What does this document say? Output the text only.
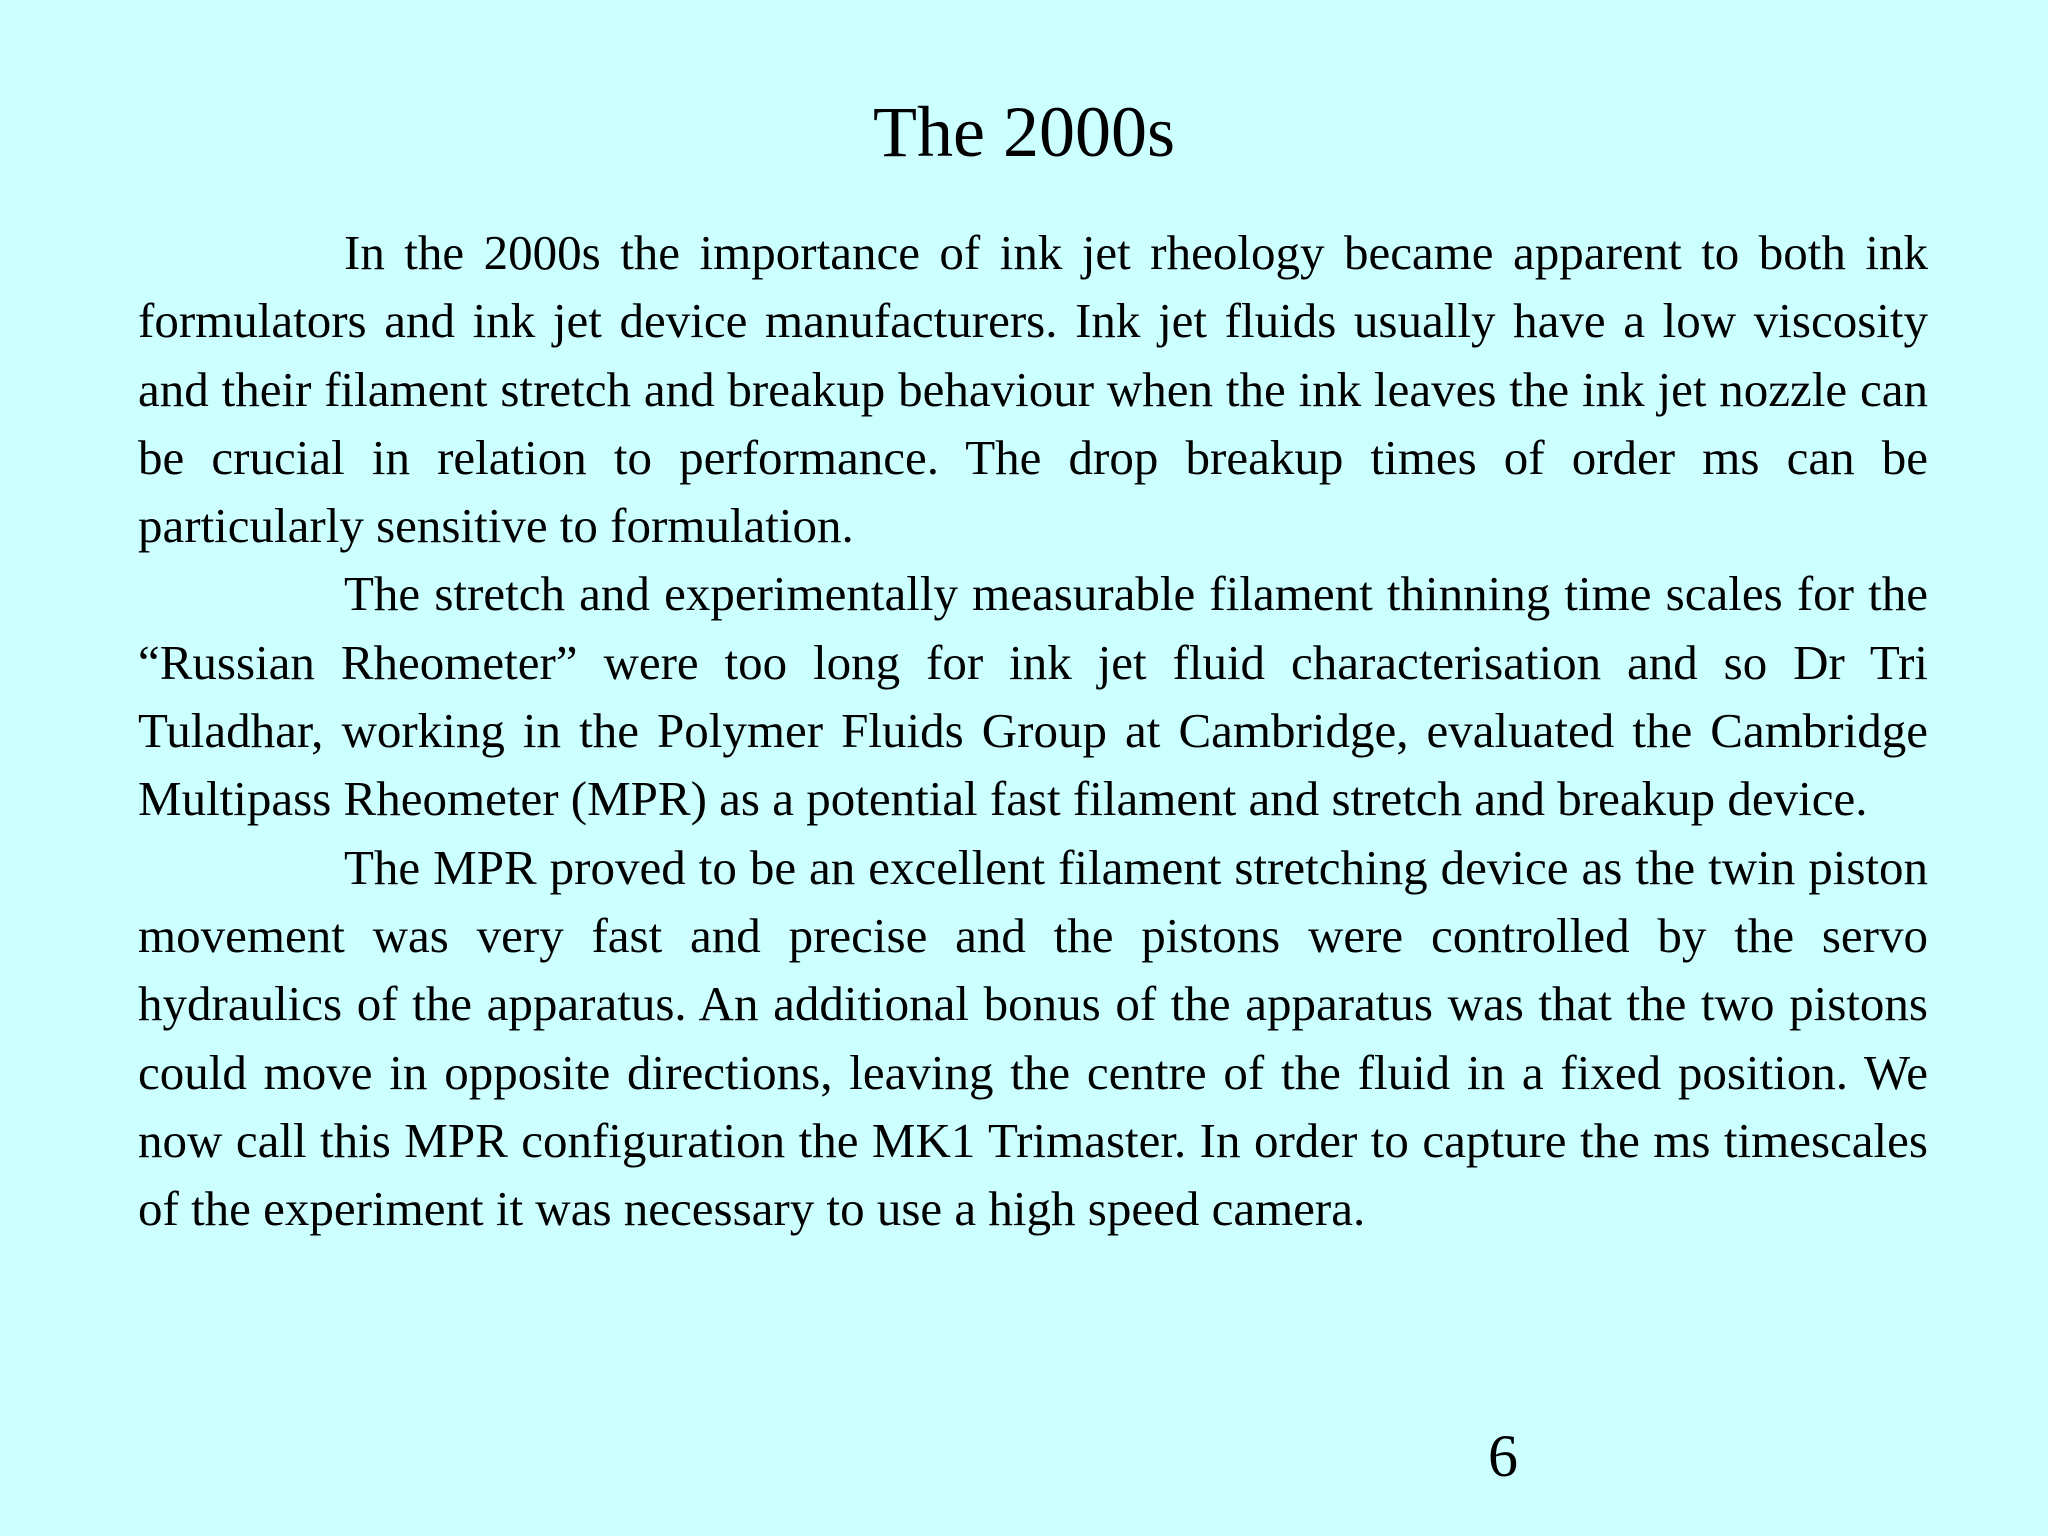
The 2000s

In the 2000s the importance of ink jet rheology became apparent to both ink formulators and ink jet device manufacturers. Ink jet fluids usually have a low viscosity and their filament stretch and breakup behaviour when the ink leaves the ink jet nozzle can be crucial in relation to performance. The drop breakup times of order ms can be particularly sensitive to formulation.

The stretch and experimentally measurable filament thinning time scales for the “Russian Rheometer” were too long for ink jet fluid characterisation and so Dr Tri Tuladhar, working in the Polymer Fluids Group at Cambridge, evaluated the Cambridge Multipass Rheometer (MPR) as a potential fast filament and stretch and breakup device.

The MPR proved to be an excellent filament stretching device as the twin piston movement was very fast and precise and the pistons were controlled by the servo hydraulics of the apparatus. An additional bonus of the apparatus was that the two pistons could move in opposite directions, leaving the centre of the fluid in a fixed position. We now call this MPR configuration the MK1 Trimaster. In order to capture the ms timescales of the experiment it was necessary to use a high speed camera.

6
